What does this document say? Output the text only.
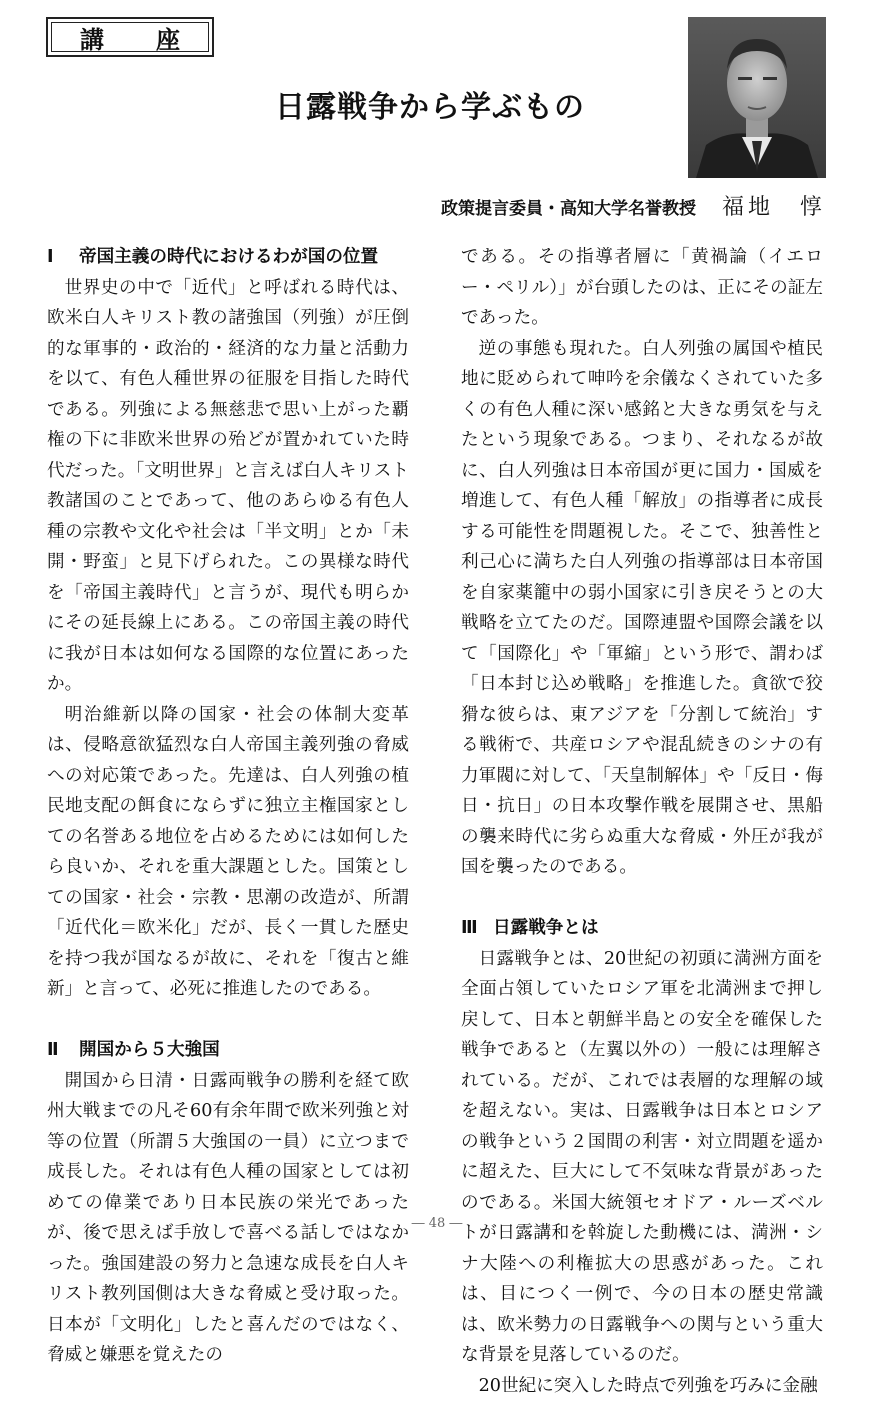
講　座
日露戦争から学ぶもの
政策提言委員・高知大学名誉教授 福地　惇
Ⅰ 帝国主義の時代におけるわが国の位置

世界史の中で「近代」と呼ばれる時代は、欧米白人キリスト教の諸強国（列強）が圧倒的な軍事的・政治的・経済的な力量と活動力を以て、有色人種世界の征服を目指した時代である。列強による無慈悲で思い上がった覇権の下に非欧米世界の殆どが置かれていた時代だった。「文明世界」と言えば白人キリスト教諸国のことであって、他のあらゆる有色人種の宗教や文化や社会は「半文明」とか「未開・野蛮」と見下げられた。この異様な時代を「帝国主義時代」と言うが、現代も明らかにその延長線上にある。この帝国主義の時代に我が日本は如何なる国際的な位置にあったか。

明治維新以降の国家・社会の体制大変革は、侵略意欲猛烈な白人帝国主義列強の脅威への対応策であった。先達は、白人列強の植民地支配の餌食にならずに独立主権国家としての名誉ある地位を占めるためには如何したら良いか、それを重大課題とした。国策としての国家・社会・宗教・思潮の改造が、所謂「近代化＝欧米化」だが、長く一貫した歴史を持つ我が国なるが故に、それを「復古と維新」と言って、必死に推進したのである。

Ⅱ 開国から５大強国

開国から日清・日露両戦争の勝利を経て欧州大戦までの凡そ60有余年間で欧米列強と対等の位置（所謂５大強国の一員）に立つまで成長した。それは有色人種の国家としては初めての偉業であり日本民族の栄光であったが、後で思えば手放しで喜べる話しではなかった。強国建設の努力と急速な成長を白人キリスト教列国側は大きな脅威と受け取った。日本が「文明化」したと喜んだのではなく、脅威と嫌悪を覚えたの

である。その指導者層に「黄禍論（イエロー・ペリル）」が台頭したのは、正にその証左であった。

逆の事態も現れた。白人列強の属国や植民地に貶められて呻吟を余儀なくされていた多くの有色人種に深い感銘と大きな勇気を与えたという現象である。つまり、それなるが故に、白人列強は日本帝国が更に国力・国威を増進して、有色人種「解放」の指導者に成長する可能性を問題視した。そこで、独善性と利己心に満ちた白人列強の指導部は日本帝国を自家薬籠中の弱小国家に引き戻そうとの大戦略を立てたのだ。国際連盟や国際会議を以て「国際化」や「軍縮」という形で、謂わば「日本封じ込め戦略」を推進した。貪欲で狡猾な彼らは、東アジアを「分割して統治」する戦術で、共産ロシアや混乱続きのシナの有力軍閥に対して、「天皇制解体」や「反日・侮日・抗日」の日本攻撃作戦を展開させ、黒船の襲来時代に劣らぬ重大な脅威・外圧が我が国を襲ったのである。

Ⅲ 日露戦争とは

日露戦争とは、20世紀の初頭に満洲方面を全面占領していたロシア軍を北満洲まで押し戻して、日本と朝鮮半島との安全を確保した戦争であると（左翼以外の）一般には理解されている。だが、これでは表層的な理解の域を超えない。実は、日露戦争は日本とロシアの戦争という２国間の利害・対立問題を遥かに超えた、巨大にして不気味な背景があったのである。米国大統領セオドア・ルーズベルトが日露講和を斡旋した動機には、満洲・シナ大陸への利権拡大の思惑があった。これは、目につく一例で、今の日本の歴史常識は、欧米勢力の日露戦争への関与という重大な背景を見落しているのだ。

20世紀に突入した時点で列強を巧みに金融

― 48 ―
